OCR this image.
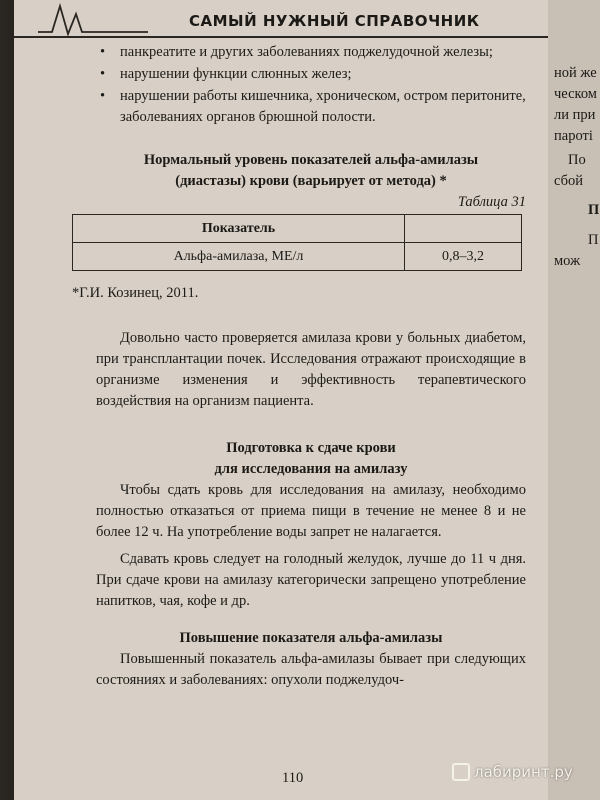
САМЫЙ НУЖНЫЙ СПРАВОЧНИК
• панкреатите и других заболеваниях поджелудочной железы;
• нарушении функции слюнных желез;
• нарушении работы кишечника, хроническом, остром перитоните, заболеваниях органов брюшной полости.
Нормальный уровень показателей альфа-амилазы
(диастазы) крови (варьирует от метода) *
Таблица 31
Показатель	
Альфа-амилаза, МЕ/л	0,8–3,2
*Г.И. Козинец, 2011.

Довольно часто проверяется амилаза крови у больных диабетом, при трансплантации почек. Исследования отражают происходящие в организме изменения и эффективность терапевтического воздействия на организм пациента.

Подготовка к сдаче крови
для исследования на амилазу

Чтобы сдать кровь для исследования на амилазу, необходимо полностью отказаться от приема пищи в течение не менее 8 и не более 12 ч. На употребление воды запрет не налагается.

Сдавать кровь следует на голодный желудок, лучше до 11 ч дня. При сдаче крови на амилазу категорически запрещено употребление напитков, чая, кофе и др.

Повышение показателя альфа-амилазы

Повышенный показатель альфа-амилазы бывает при следующих состояниях и заболеваниях: опухоли поджелудоч-

110
ной же
ческом
ли при
пароті
По
сбой
П
П
мож
лабиринт.ру
